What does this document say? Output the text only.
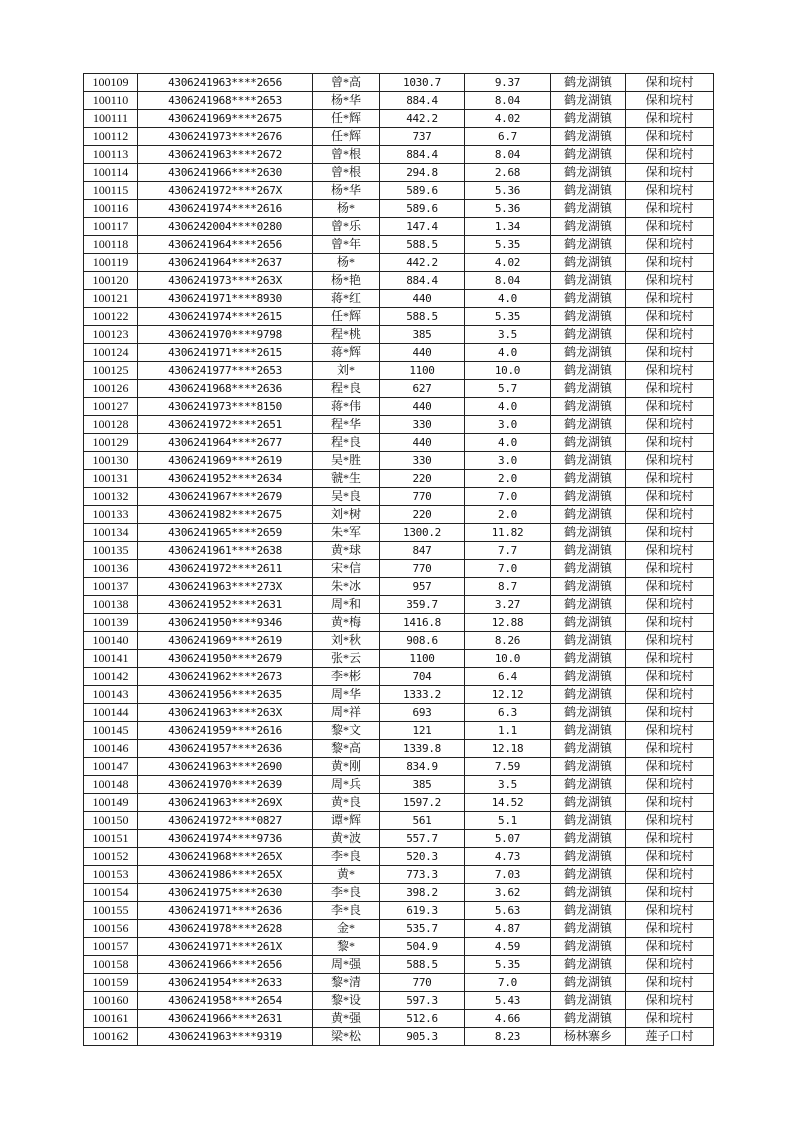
100109	4306241963****2656	曾*高	1030.7	9.37	鹤龙湖镇	保和垸村
100110	4306241968****2653	杨*华	884.4	8.04	鹤龙湖镇	保和垸村
100111	4306241969****2675	任*辉	442.2	4.02	鹤龙湖镇	保和垸村
100112	4306241973****2676	任*辉	737	6.7	鹤龙湖镇	保和垸村
100113	4306241963****2672	曾*根	884.4	8.04	鹤龙湖镇	保和垸村
100114	4306241966****2630	曾*根	294.8	2.68	鹤龙湖镇	保和垸村
100115	4306241972****267X	杨*华	589.6	5.36	鹤龙湖镇	保和垸村
100116	4306241974****2616	杨*	589.6	5.36	鹤龙湖镇	保和垸村
100117	4306242004****0280	曾*乐	147.4	1.34	鹤龙湖镇	保和垸村
100118	4306241964****2656	曾*年	588.5	5.35	鹤龙湖镇	保和垸村
100119	4306241964****2637	杨*	442.2	4.02	鹤龙湖镇	保和垸村
100120	4306241973****263X	杨*艳	884.4	8.04	鹤龙湖镇	保和垸村
100121	4306241971****8930	蒋*红	440	4.0	鹤龙湖镇	保和垸村
100122	4306241974****2615	任*辉	588.5	5.35	鹤龙湖镇	保和垸村
100123	4306241970****9798	程*桃	385	3.5	鹤龙湖镇	保和垸村
100124	4306241971****2615	蒋*辉	440	4.0	鹤龙湖镇	保和垸村
100125	4306241977****2653	刘*	1100	10.0	鹤龙湖镇	保和垸村
100126	4306241968****2636	程*良	627	5.7	鹤龙湖镇	保和垸村
100127	4306241973****8150	蒋*伟	440	4.0	鹤龙湖镇	保和垸村
100128	4306241972****2651	程*华	330	3.0	鹤龙湖镇	保和垸村
100129	4306241964****2677	程*良	440	4.0	鹤龙湖镇	保和垸村
100130	4306241969****2619	吴*胜	330	3.0	鹤龙湖镇	保和垸村
100131	4306241952****2634	虢*生	220	2.0	鹤龙湖镇	保和垸村
100132	4306241967****2679	吴*良	770	7.0	鹤龙湖镇	保和垸村
100133	4306241982****2675	刘*树	220	2.0	鹤龙湖镇	保和垸村
100134	4306241965****2659	朱*军	1300.2	11.82	鹤龙湖镇	保和垸村
100135	4306241961****2638	黄*球	847	7.7	鹤龙湖镇	保和垸村
100136	4306241972****2611	宋*信	770	7.0	鹤龙湖镇	保和垸村
100137	4306241963****273X	朱*冰	957	8.7	鹤龙湖镇	保和垸村
100138	4306241952****2631	周*和	359.7	3.27	鹤龙湖镇	保和垸村
100139	4306241950****9346	黄*梅	1416.8	12.88	鹤龙湖镇	保和垸村
100140	4306241969****2619	刘*秋	908.6	8.26	鹤龙湖镇	保和垸村
100141	4306241950****2679	张*云	1100	10.0	鹤龙湖镇	保和垸村
100142	4306241962****2673	李*彬	704	6.4	鹤龙湖镇	保和垸村
100143	4306241956****2635	周*华	1333.2	12.12	鹤龙湖镇	保和垸村
100144	4306241963****263X	周*祥	693	6.3	鹤龙湖镇	保和垸村
100145	4306241959****2616	黎*文	121	1.1	鹤龙湖镇	保和垸村
100146	4306241957****2636	黎*高	1339.8	12.18	鹤龙湖镇	保和垸村
100147	4306241963****2690	黄*刚	834.9	7.59	鹤龙湖镇	保和垸村
100148	4306241970****2639	周*兵	385	3.5	鹤龙湖镇	保和垸村
100149	4306241963****269X	黄*良	1597.2	14.52	鹤龙湖镇	保和垸村
100150	4306241972****0827	谭*辉	561	5.1	鹤龙湖镇	保和垸村
100151	4306241974****9736	黄*波	557.7	5.07	鹤龙湖镇	保和垸村
100152	4306241968****265X	李*良	520.3	4.73	鹤龙湖镇	保和垸村
100153	4306241986****265X	黄*	773.3	7.03	鹤龙湖镇	保和垸村
100154	4306241975****2630	李*良	398.2	3.62	鹤龙湖镇	保和垸村
100155	4306241971****2636	李*良	619.3	5.63	鹤龙湖镇	保和垸村
100156	4306241978****2628	金*	535.7	4.87	鹤龙湖镇	保和垸村
100157	4306241971****261X	黎*	504.9	4.59	鹤龙湖镇	保和垸村
100158	4306241966****2656	周*强	588.5	5.35	鹤龙湖镇	保和垸村
100159	4306241954****2633	黎*清	770	7.0	鹤龙湖镇	保和垸村
100160	4306241958****2654	黎*设	597.3	5.43	鹤龙湖镇	保和垸村
100161	4306241966****2631	黄*强	512.6	4.66	鹤龙湖镇	保和垸村
100162	4306241963****9319	梁*松	905.3	8.23	杨林寨乡	莲子口村
